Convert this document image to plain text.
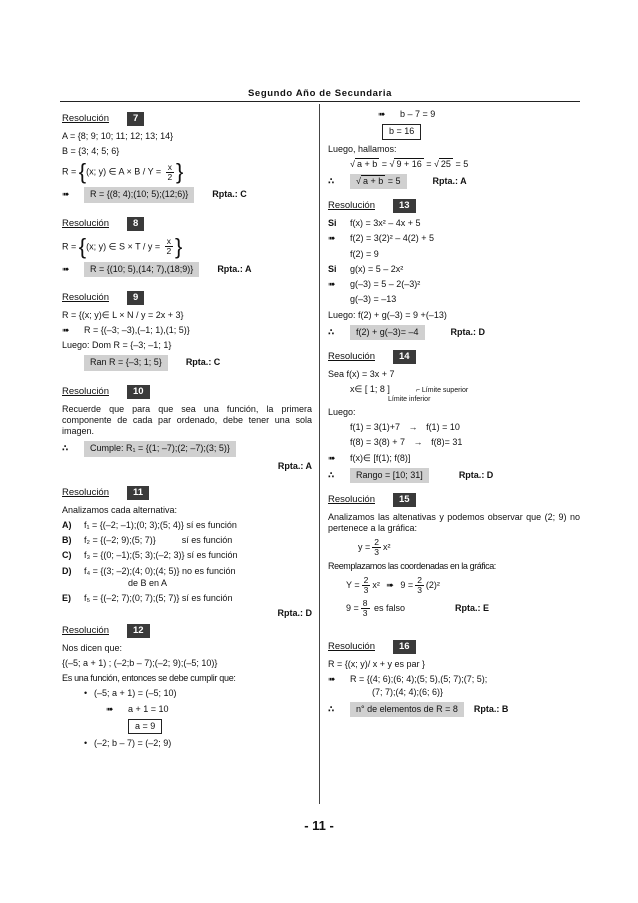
Segundo Año de Secundaria
Resolución	7
A = {8; 9; 10; 11; 12; 13; 14}
B = {3; 4; 5; 6}
R = {(x; y) ∈ $A \times B / Y = \frac{x}{2}$ }
➠ R = {(8; 4);(10; 5);(12;6)}	Rpta.: C
Resolución	8
R = {(x; y) ∈ $S \times T / y = \frac{x}{2}$ }
➠ R = {(10; 5),(14; 7),(18;9)}	Rpta.: A
Resolución	9
R = {(x; y)∈ L × N / y = 2x + 3}
➠ R = {(–3; –3),(–1; 1),(1; 5)}
Luego: Dom R = {–3; –1; 1}
Ran R = {–3; 1; 5}	Rpta.: C
Resolución	10
Recuerde que para que sea una función, la primera componente de cada par ordenado, debe tener una sola imagen.
∴ Cumple: R₁ = {(1; –7);(2; –7);(3; 5)}
Rpta.: A
Resolución	11
Analizamos cada alternativa:
A) f₁ = {(–2; –1);(0; 3);(5; 4)} sí es función
B) f₂ = {(–2; 9);(5; 7)}	sí es función
C) f₃ = {(0; –1);(5; 3);(–2; 3)} sí es función
D) f₄ = {(3; –2);(4; 0);(4; 5)} no es función
de B en A
E) f₅ = {(–2; 7);(0; 7);(5; 7)} sí es función
Rpta.: D
Resolución	12
Nos dicen que:
{(–5; a + 1) ; (–2;b – 7);(–2; 9);(–5; 10)}
Es una función, entonces se debe cumplir que:
• (–5; a + 1) = (–5; 10)
➠ a + 1 = 10
a = 9
• (–2; b – 7) = (–2; 9)
➠ b – 7 = 9
b = 16
Luego, hallamos:
√ a + b = √ 9 + 16 = √ 25 = 5
∴ √ a + b = 5	Rpta.: A
Resolución	13
Si f(x) = 3x² – 4x + 5
➠ f(2) = 3(2)² – 4(2) + 5
f(2) = 9
Si g(x) = 5 – 2x²
➠ g(–3) = 5 – 2(–3)²
g(–3) = –13
Luego: f(2) + g(–3) = 9 +(–13)
∴ f(2) + g(–3)= –4	Rpta.: D
Resolución	14
Sea f(x) = 3x + 7
x∈ [ 1; 8 ]	⌐ Límite superior
Límite inferior
Luego:
f(1) = 3(1)+7 → f(1) = 10
f(8) = 3(8) + 7 → f(8)= 31
➠ f(x)∈ [f(1); f(8)]
∴ Rango = [10; 31]	Rpta.: D
Resolución	15
Analizamos las altenativas y podemos observar que (2; 9) no pertenece a la gráfica:
$y = \frac{2}{3} x^2$
Reemplazamos las coordenadas en la gráfica:
$Y = \frac{2}{3} x^2$ ➠ $9 = \frac{2}{3} (2)^2$
$9 = \frac{8}{3}$ es falso	Rpta.: E
Resolución	16
R = {(x; y)/ x + y es par }
➠ R = {(4; 6);(6; 4);(5; 5),(5; 7);(7; 5);
(7; 7);(4; 4);(6; 6)}
∴ n° de elementos de R = 8 Rpta.: B
- 11 -
